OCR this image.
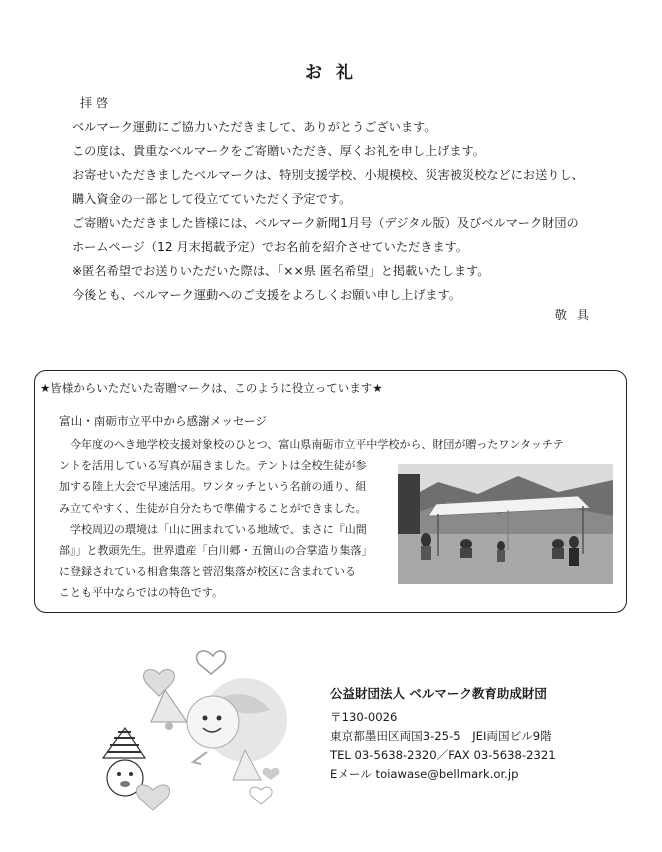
お 礼

拝 啓

ベルマーク運動にご協力いただきまして、ありがとうございます。

この度は、貴重なベルマークをご寄贈いただき、厚くお礼を申し上げます。

お寄せいただきましたベルマークは、特別支援学校、小規模校、災害被災校などにお送りし、

購入資金の一部として役立てていただく予定です。

ご寄贈いただきました皆様には、ベルマーク新聞1月号（デジタル版）及びベルマーク財団の

ホームページ（12 月末掲載予定）でお名前を紹介させていただきます。

※匿名希望でお送りいただいた際は、「××県 匿名希望」と掲載いたします。

今後とも、ベルマーク運動へのご支援をよろしくお願い申し上げます。

敬 具
★皆様からいただいた寄贈マークは、このように役立っています★
富山・南砺市立平中から感謝メッセージ
今年度のへき地学校支援対象校のひとつ、富山県南砺市立平中学校から、財団が贈ったワンタッチテ
ントを活用している写真が届きました。テントは全校生徒が参
加する陸上大会で早速活用。ワンタッチという名前の通り、組
み立てやすく、生徒が自分たちで準備することができました。
学校周辺の環境は「山に囲まれている地域で、まさに『山間
部』」と教頭先生。世界遺産「白川郷・五箇山の合掌造り集落」
に登録されている相倉集落と菅沼集落が校区に含まれている
ことも平中ならではの特色です。
公益財団法人 ベルマーク教育助成財団
〒130-0026
東京都墨田区両国3-25-5　JEI両国ビル9階
TEL 03-5638-2320／FAX 03-5638-2321
Eメール toiawase@bellmark.or.jp
